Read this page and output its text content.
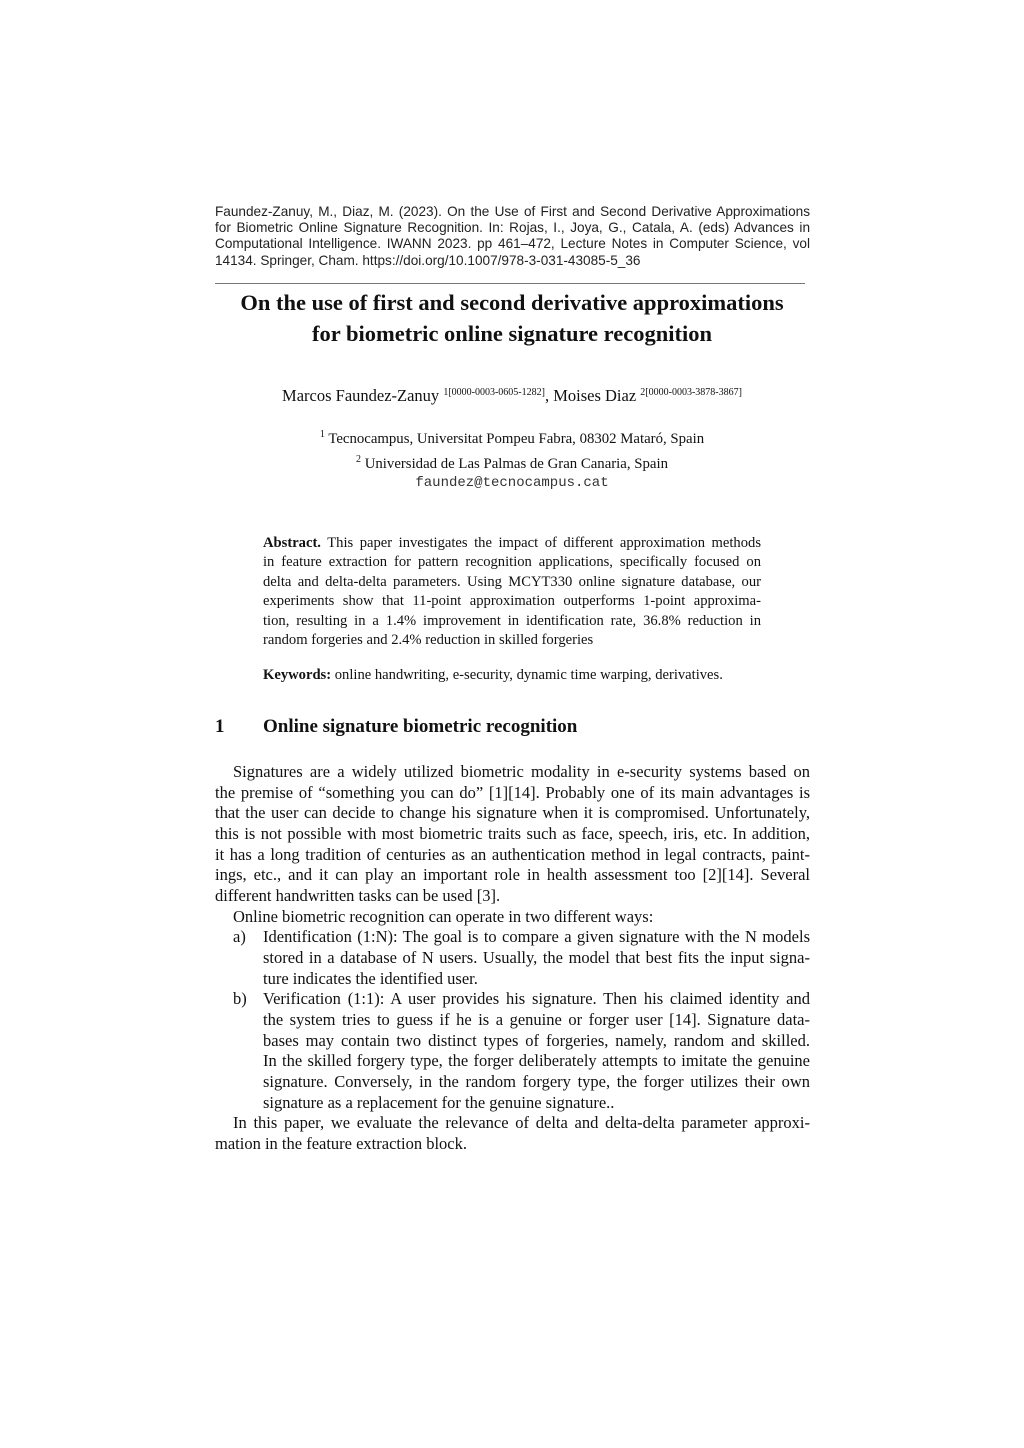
Faundez-Zanuy, M., Diaz, M. (2023). On the Use of First and Second Derivative Approximations
for Biometric Online Signature Recognition. In: Rojas, I., Joya, G., Catala, A. (eds) Advances in
Computational Intelligence. IWANN 2023. pp 461–472, Lecture Notes in Computer Science, vol
14134. Springer, Cham. https://doi.org/10.1007/978-3-031-43085-5_36
On the use of first and second derivative approximations
for biometric online signature recognition
Marcos Faundez-Zanuy $^{1[0000-0003-0605-1282]}$, Moises Diaz $^{2[0000-0003-3878-3867]}$
$^1$ Tecnocampus, Universitat Pompeu Fabra, 08302 Mataró, Spain
$^2$ Universidad de Las Palmas de Gran Canaria, Spain
faundez@tecnocampus.cat
Abstract. This paper investigates the impact of different approximation methods
in feature extraction for pattern recognition applications, specifically focused on
delta and delta-delta parameters. Using MCYT330 online signature database, our
experiments show that 11-point approximation outperforms 1-point approxima-
tion, resulting in a 1.4% improvement in identification rate, 36.8% reduction in
random forgeries and 2.4% reduction in skilled forgeries
Keywords: online handwriting, e-security, dynamic time warping, derivatives.
1 Online signature biometric recognition
Signatures are a widely utilized biometric modality in e-security systems based on
the premise of “something you can do” [1][14]. Probably one of its main advantages is
that the user can decide to change his signature when it is compromised. Unfortunately,
this is not possible with most biometric traits such as face, speech, iris, etc. In addition,
it has a long tradition of centuries as an authentication method in legal contracts, paint-
ings, etc., and it can play an important role in health assessment too [2][14]. Several
different handwritten tasks can be used [3].
Online biometric recognition can operate in two different ways:
a)	Identification (1:N): The goal is to compare a given signature with the N models
stored in a database of N users. Usually, the model that best fits the input signa-
ture indicates the identified user.
b) Verification (1:1): A user provides his signature. Then his claimed identity and
the system tries to guess if he is a genuine or forger user [14]. Signature data-
bases may contain two distinct types of forgeries, namely, random and skilled.
In the skilled forgery type, the forger deliberately attempts to imitate the genuine
signature. Conversely, in the random forgery type, the forger utilizes their own
signature as a replacement for the genuine signature..
In this paper, we evaluate the relevance of delta and delta-delta parameter approxi-
mation in the feature extraction block.
